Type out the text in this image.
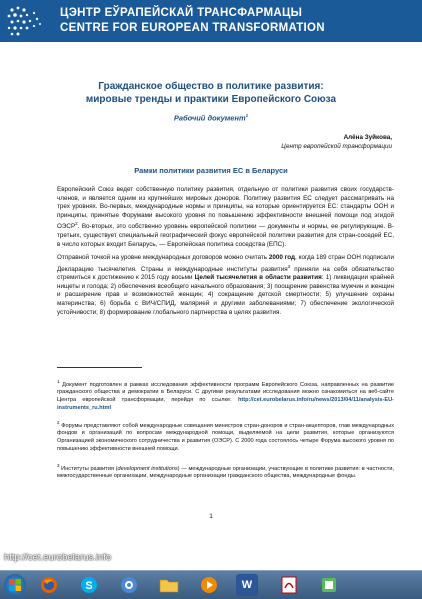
ЦЭНТР ЕЎРАПЕЙСКАЙ ТРАНСФАРМАЦЫ
CENTRE FOR EUROPEAN TRANSFORMATION
Гражданское общество в политике развития:
мировые тренды и практики Европейского Союза
Рабочий документ$^1$
Алёна Зуйкова,
Центр европейской трансформации
Рамки политики развития ЕС в Беларуси
Европейский Союз ведет собственную политику развития, отдельную от политики развития своих государств-членов, и является одним из крупнейших мировых доноров. Политику развития ЕС следует рассматривать на трех уровнях. Во-первых, международные нормы и принципы, на которые ориентируется ЕС: стандарты ООН и принципы, принятые Форумами высокого уровня по повышению эффективности внешней помощи под эгидой ОЭСР$^2$. Во-вторых, это собственно уровень европейской политики — документы и нормы, ее регулирующие. В-третьих, существует специальный географический фокус европейской политики развития для стран-соседей ЕС, в число которых входит Беларусь, — Европейская политика соседства (ЕПС).
Отправной точкой на уровне международных договоров можно считать 2000 год, когда 189 стран ООН подписали Декларацию тысячелетия. Страны и международные институты развития$^3$ приняли на себя обязательство стремиться к достижению к 2015 году восьми Целей тысячелетия в области развития: 1) ликвидации крайней нищеты и голода; 2) обеспечения всеобщего начального образования; 3) поощрение равенства мужчин и женщин и расширение прав и возможностей женщин; 4) сокращение детской смертности; 5) улучшение охраны материнства; 6) борьба с ВИЧ/СПИД, малярией и другими заболеваниями; 7) обеспечение экологической устойчивости; 8) формирование глобального партнерства в целях развития.
$^1$ Документ подготовлен в рамках исследования эффективности программ Европейского Союза, направленных на развитие гражданского общества и демократии в Беларуси. С другими результатами исследования можно ознакомиться на веб-сайте Центра европейской трансформации, перейдя по ссылке: http://cet.eurobelarus.info/ru/news/2013/04/11/analysis-EU-instruments_ru.html
$^2$ Форумы представляют собой международные совещания министров стран-доноров и стран-акцепторов, глав международных фондов и организаций по вопросам международной помощи, выделяемой на цели развития, которые организуются Организацией экономического сотрудничества и развития (ОЭСР). С 2000 года состоялось четыре Форума высокого уровня по повышению эффективности внешней помощи.
$^3$ Институты развития (development institutions) — международные организации, участвующие в политике развития: в частности, межгосударственные организации, международные организации гражданского общества, международные фонды.
1
http://cet.eurobelarus.info
S	W
